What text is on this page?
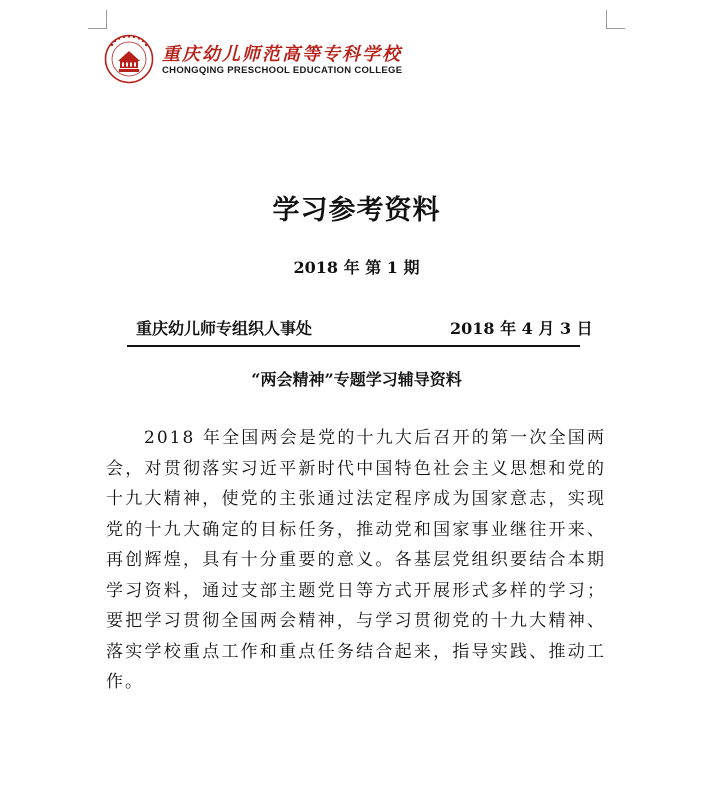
重庆幼儿师范高等专科学校
CHONGQING PRESCHOOL EDUCATION COLLEGE
学习参考资料
2018 年 第 1 期
重庆幼儿师专组织人事处	2018 年 4 月 3 日
“两会精神”专题学习辅导资料

2018 年全国两会是党的十九大后召开的第一次全国两会，对贯彻落实习近平新时代中国特色社会主义思想和党的十九大精神，使党的主张通过法定程序成为国家意志，实现党的十九大确定的目标任务，推动党和国家事业继往开来、再创辉煌，具有十分重要的意义。各基层党组织要结合本期学习资料，通过支部主题党日等方式开展形式多样的学习；要把学习贯彻全国两会精神，与学习贯彻党的十九大精神、落实学校重点工作和重点任务结合起来，指导实践、推动工作。
